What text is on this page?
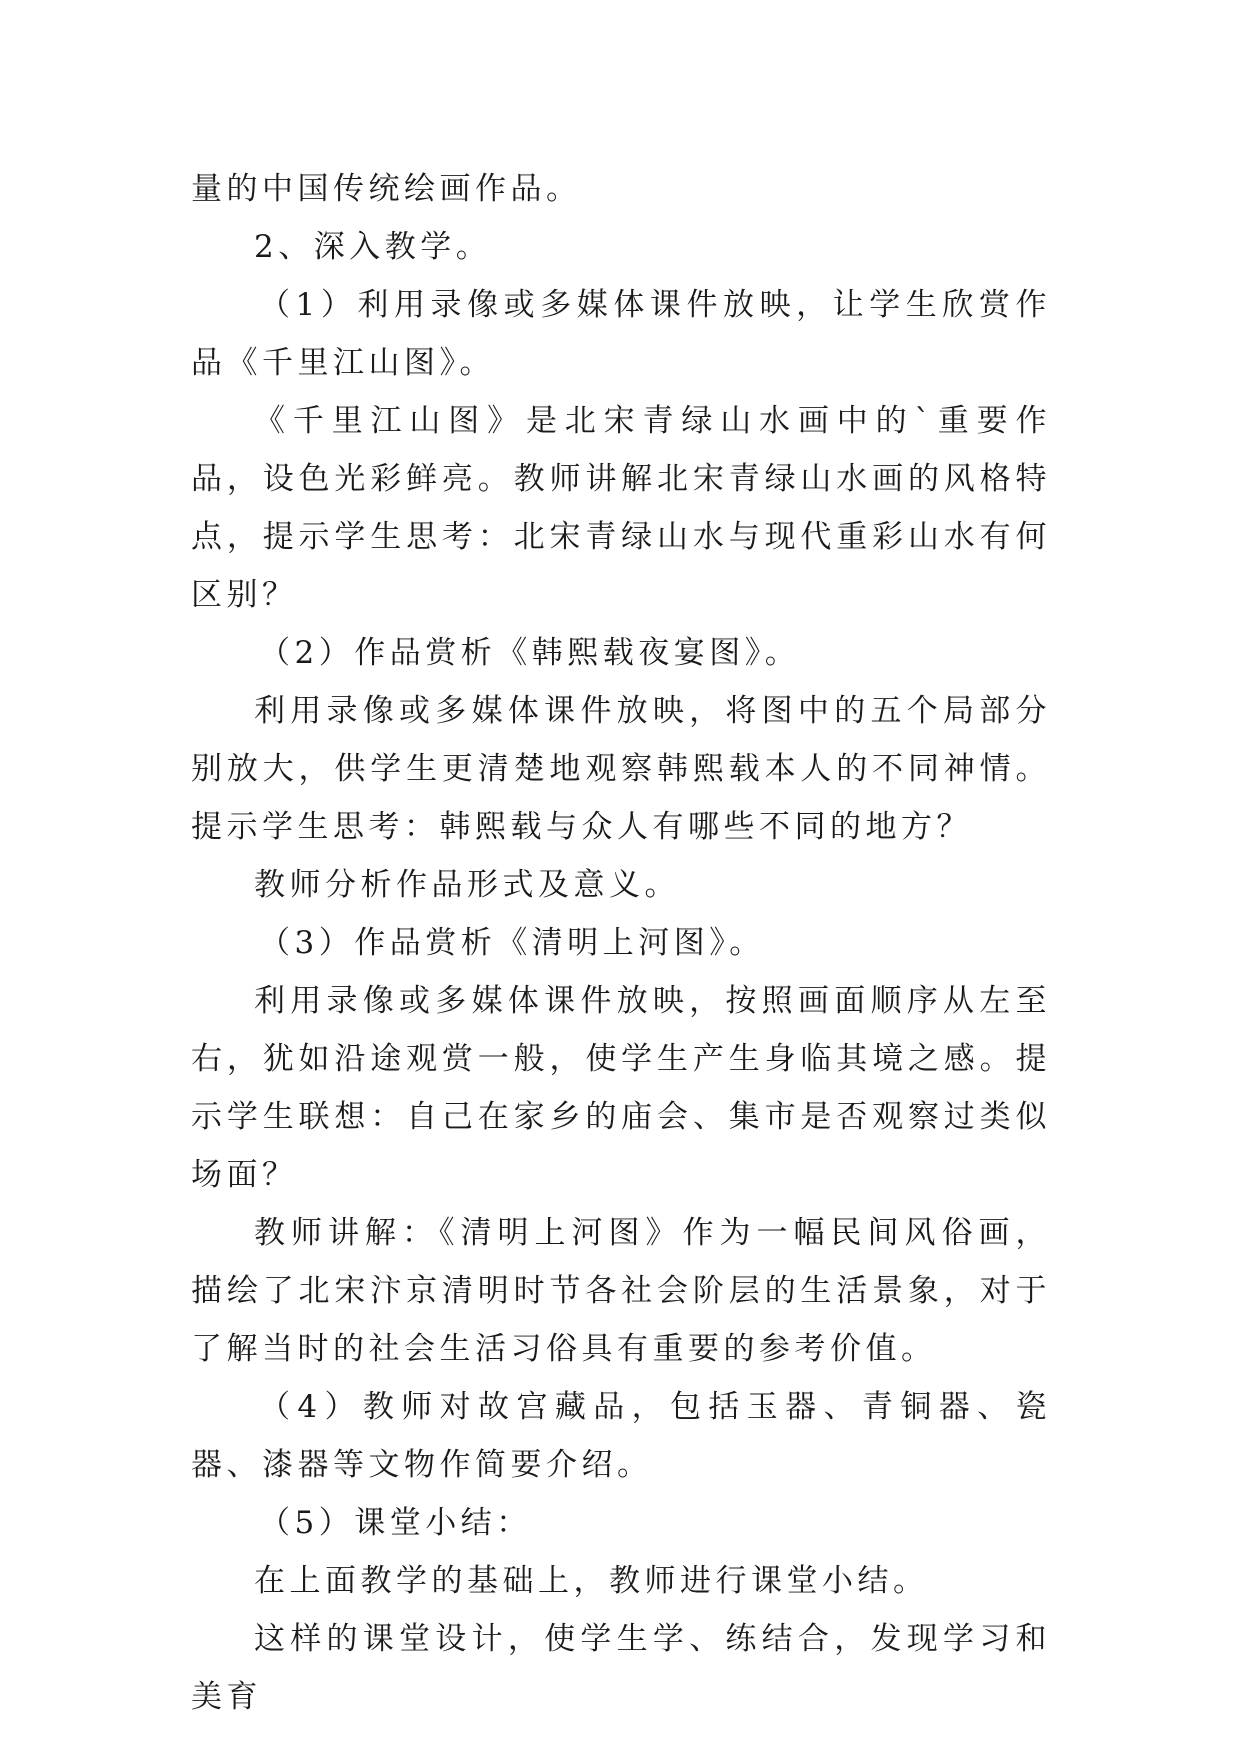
量的中国传统绘画作品。

2、深入教学。

（1）利用录像或多媒体课件放映，让学生欣赏作品《千里江山图》。

《千里江山图》是北宋青绿山水画中的`重要作品，设色光彩鲜亮。教师讲解北宋青绿山水画的风格特点，提示学生思考：北宋青绿山水与现代重彩山水有何区别？

（2）作品赏析《韩熙载夜宴图》。

利用录像或多媒体课件放映，将图中的五个局部分别放大，供学生更清楚地观察韩熙载本人的不同神情。提示学生思考：韩熙载与众人有哪些不同的地方？

教师分析作品形式及意义。

（3）作品赏析《清明上河图》。

利用录像或多媒体课件放映，按照画面顺序从左至右，犹如沿途观赏一般，使学生产生身临其境之感。提示学生联想：自己在家乡的庙会、集市是否观察过类似场面？

教师讲解：《清明上河图》作为一幅民间风俗画，描绘了北宋汴京清明时节各社会阶层的生活景象，对于了解当时的社会生活习俗具有重要的参考价值。

（4）教师对故宫藏品，包括玉器、青铜器、瓷器、漆器等文物作简要介绍。

（5）课堂小结：

在上面教学的基础上，教师进行课堂小结。

这样的课堂设计，使学生学、练结合，发现学习和美育
